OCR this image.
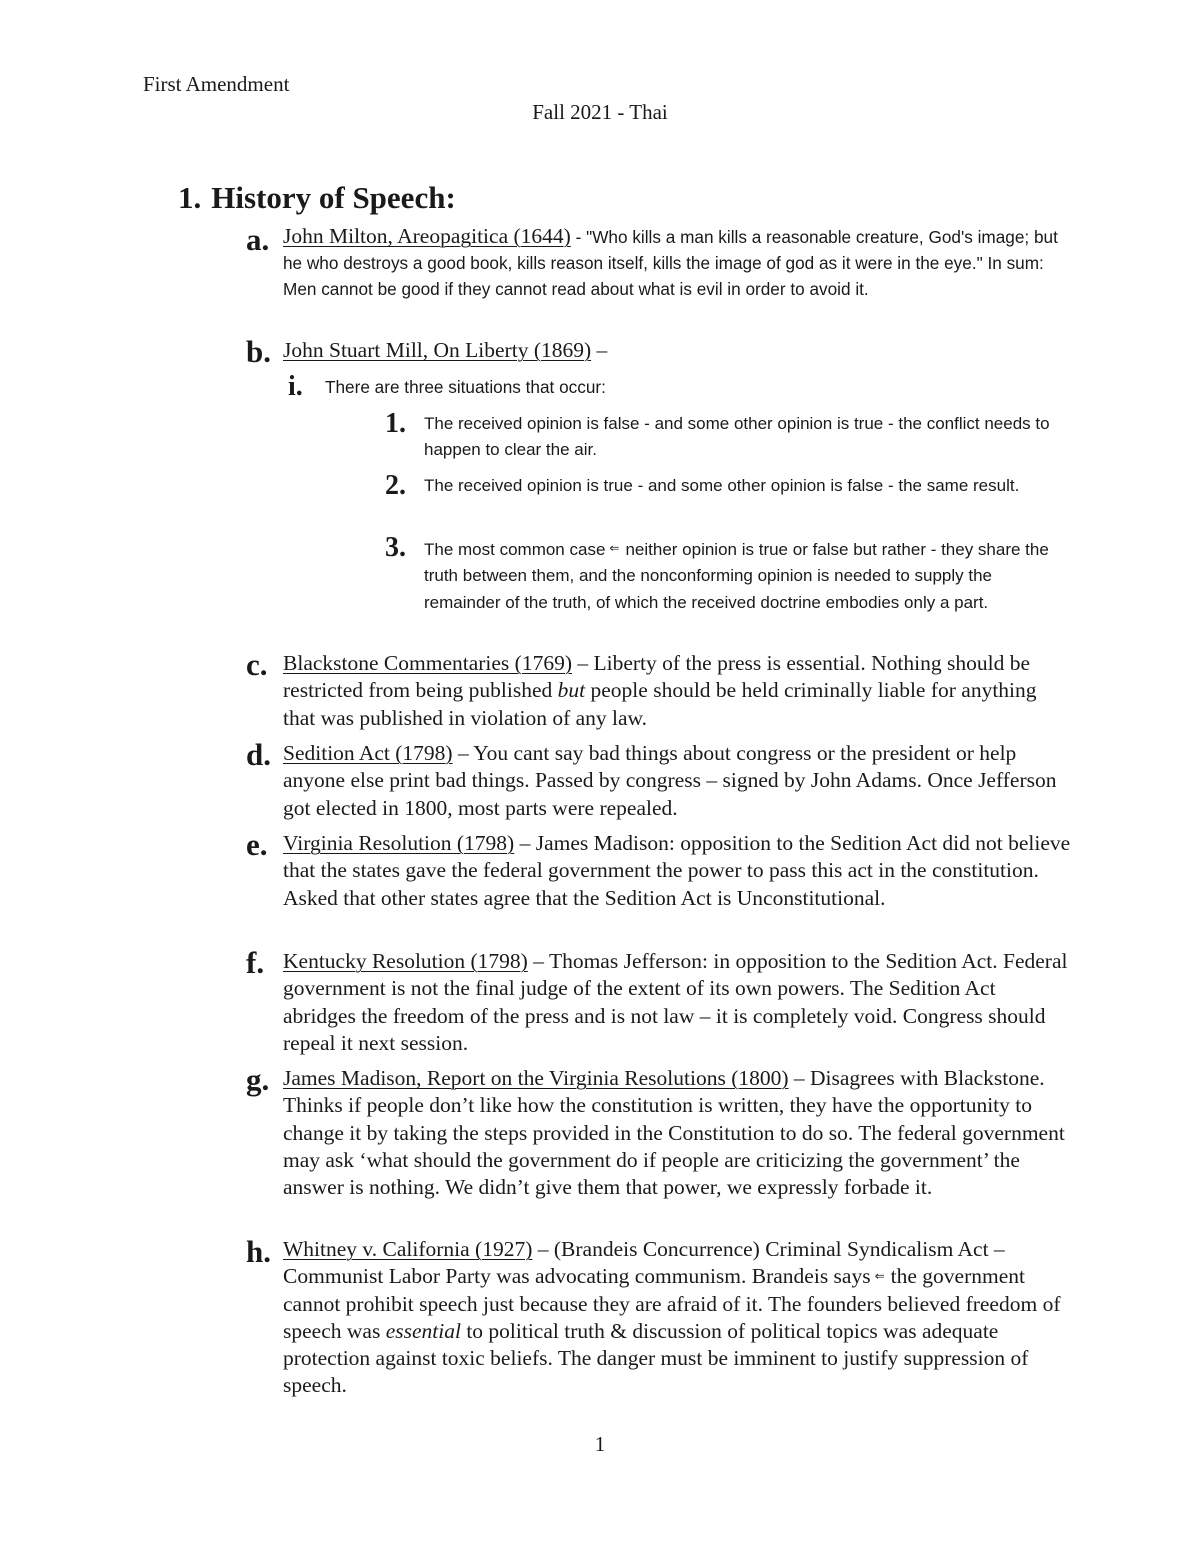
First Amendment
Fall 2021 - Thai
1. History of Speech:
a. John Milton, Areopagitica (1644) - "Who kills a man kills a reasonable creature, God's image; but he who destroys a good book, kills reason itself, kills the image of god as it were in the eye." In sum: Men cannot be good if they cannot read about what is evil in order to avoid it.
b. John Stuart Mill, On Liberty (1869) –
i. There are three situations that occur:
1. The received opinion is false - and some other opinion is true - the conflict needs to happen to clear the air.
2. The received opinion is true - and some other opinion is false - the same result.
3. The most common case ⁠⇐ neither opinion is true or false but rather - they share the truth between them, and the nonconforming opinion is needed to supply the remainder of the truth, of which the received doctrine embodies only a part.
c. Blackstone Commentaries (1769) – Liberty of the press is essential. Nothing should be restricted from being published but people should be held criminally liable for anything that was published in violation of any law.
d. Sedition Act (1798) – You cant say bad things about congress or the president or help anyone else print bad things. Passed by congress – signed by John Adams. Once Jefferson got elected in 1800, most parts were repealed.
e. Virginia Resolution (1798) – James Madison: opposition to the Sedition Act did not believe that the states gave the federal government the power to pass this act in the constitution. Asked that other states agree that the Sedition Act is Unconstitutional.
f. Kentucky Resolution (1798) – Thomas Jefferson: in opposition to the Sedition Act. Federal government is not the final judge of the extent of its own powers. The Sedition Act abridges the freedom of the press and is not law – it is completely void. Congress should repeal it next session.
g. James Madison, Report on the Virginia Resolutions (1800) – Disagrees with Blackstone. Thinks if people don’t like how the constitution is written, they have the opportunity to change it by taking the steps provided in the Constitution to do so. The federal government may ask ‘what should the government do if people are criticizing the government’ the answer is nothing. We didn’t give them that power, we expressly forbade it.
h. Whitney v. California (1927) – (Brandeis Concurrence) Criminal Syndicalism Act – Communist Labor Party was advocating communism. Brandeis says ⇐ the government cannot prohibit speech just because they are afraid of it. The founders believed freedom of speech was essential to political truth & discussion of political topics was adequate protection against toxic beliefs. The danger must be imminent to justify suppression of speech.
1
